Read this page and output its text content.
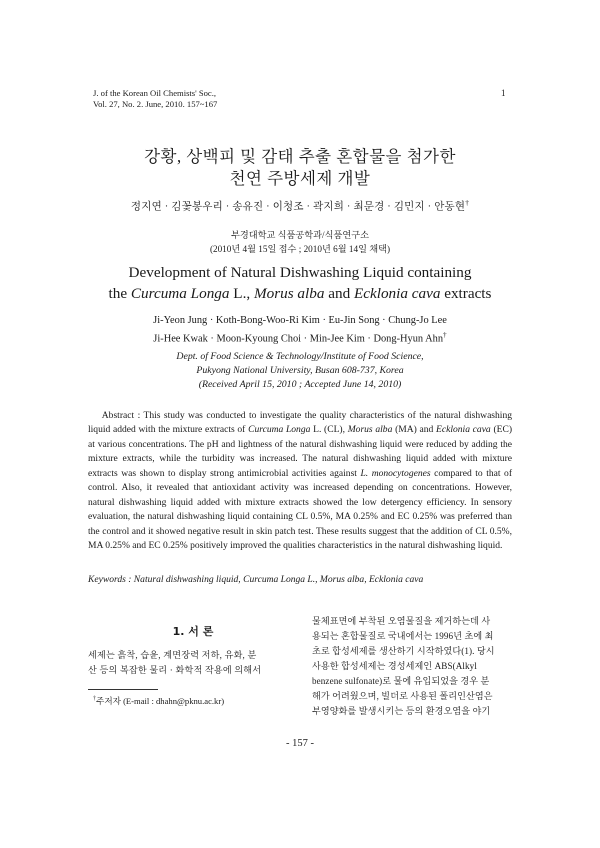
J. of the Korean Oil Chemists' Soc.,
Vol. 27, No. 2. June, 2010. 157~167
1
강황, 상백피 및 감태 추출 혼합물을 첨가한
천연 주방세제 개발
정지연 · 김꽃봉우리 · 송유진 · 이청조 · 곽지희 · 최문경 · 김민지 · 안동현†
부경대학교 식품공학과/식품연구소
(2010년 4월 15일 접수 ; 2010년 6월 14일 채택)
Development of Natural Dishwashing Liquid containing
the Curcuma Longa L., Morus alba and Ecklonia cava extracts
Ji-Yeon Jung · Koth-Bong-Woo-Ri Kim · Eu-Jin Song · Chung-Jo Lee
Ji-Hee Kwak · Moon-Kyoung Choi · Min-Jee Kim · Dong-Hyun Ahn†
Dept. of Food Science & Technology/Institute of Food Science,
Pukyong National University, Busan 608-737, Korea
(Received April 15, 2010 ; Accepted June 14, 2010)
Abstract : This study was conducted to investigate the quality characteristics of the natural dishwashing liquid added with the mixture extracts of Curcuma Longa L. (CL), Morus alba (MA) and Ecklonia cava (EC) at various concentrations. The pH and lightness of the natural dishwashing liquid were reduced by adding the mixture extracts, while the turbidity was increased. The natural dishwashing liquid added with mixture extracts was shown to display strong antimicrobial activities against L. monocytogenes compared to that of control. Also, it revealed that antioxidant activity was increased depending on concentrations. However, natural dishwashing liquid added with mixture extracts showed the low detergency efficiency. In sensory evaluation, the natural dishwashing liquid containing CL 0.5%, MA 0.25% and EC 0.25% was preferred than the control and it showed negative result in skin patch test. These results suggest that the addition of CL 0.5%, MA 0.25% and EC 0.25% positively improved the qualities characteristics in the natural dishwashing liquid.
Keywords : Natural dishwashing liquid, Curcuma Longa L., Morus alba, Ecklonia cava
1. 서 론
세제는 흙착, 습윤, 계면장력 저하, 유화, 분
산 등의 복잡한 물리 · 화학적 작용에 의해서
물체표면에 부착된 오염물질을 제거하는데 사
용되는 혼합물질로 국내에서는 1996년 초에 최
초로 합성세제를 생산하기 시작하였다(1). 당시
사용한 합성세제는 경성세제인 ABS(Alkyl
benzene sulfonate)로 물에 유입되었을 경우 분
해가 어려웠으며, 빌더로 사용된 폴리인산염은
부영양화를 발생시키는 등의 환경오염을 야기
†주저자 (E-mail : dhahn@pknu.ac.kr)
- 157 -
